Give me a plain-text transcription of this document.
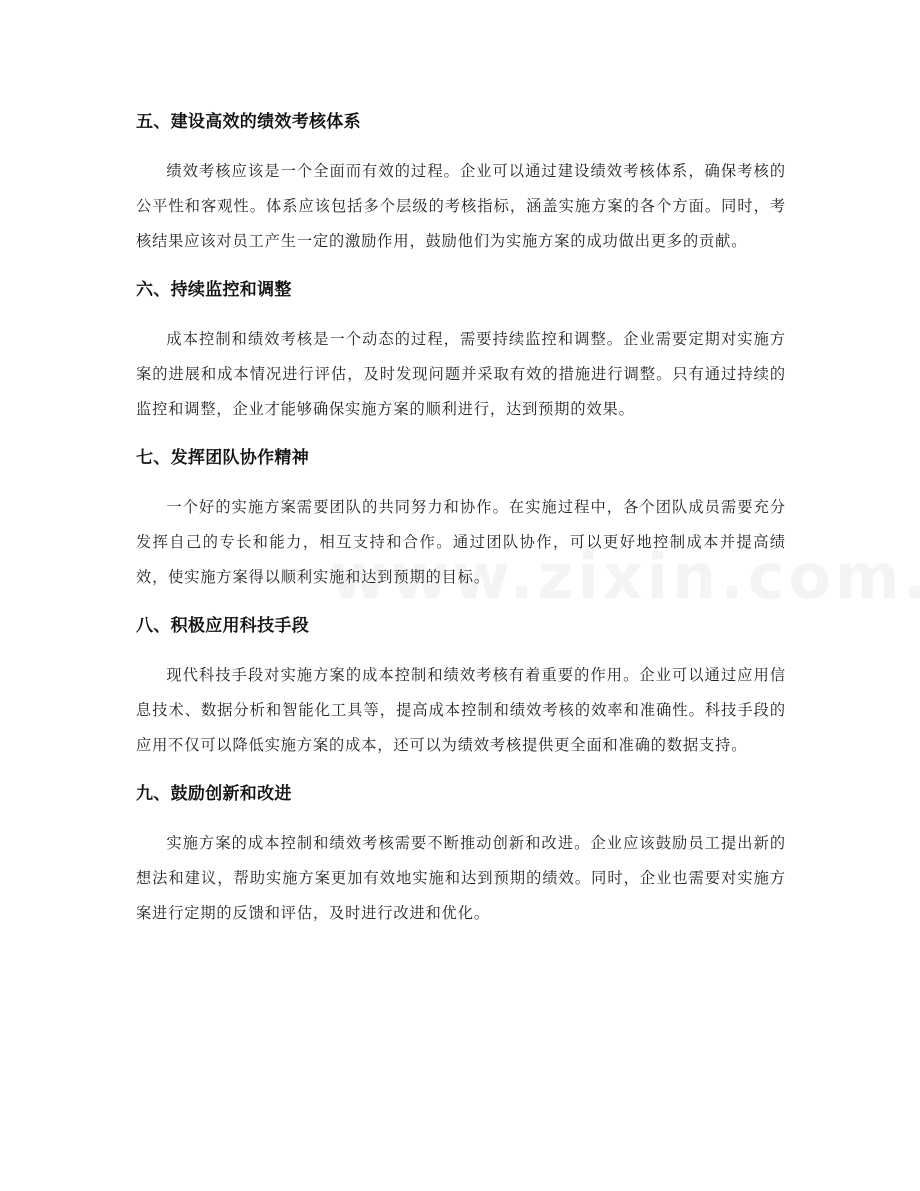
五、建设高效的绩效考核体系

绩效考核应该是一个全面而有效的过程。企业可以通过建设绩效考核体系，确保考核的公平性和客观性。体系应该包括多个层级的考核指标，涵盖实施方案的各个方面。同时，考核结果应该对员工产生一定的激励作用，鼓励他们为实施方案的成功做出更多的贡献。

六、持续监控和调整

成本控制和绩效考核是一个动态的过程，需要持续监控和调整。企业需要定期对实施方案的进展和成本情况进行评估，及时发现问题并采取有效的措施进行调整。只有通过持续的监控和调整，企业才能够确保实施方案的顺利进行，达到预期的效果。

七、发挥团队协作精神

一个好的实施方案需要团队的共同努力和协作。在实施过程中，各个团队成员需要充分发挥自己的专长和能力，相互支持和合作。通过团队协作，可以更好地控制成本并提高绩效，使实施方案得以顺利实施和达到预期的目标。

八、积极应用科技手段

现代科技手段对实施方案的成本控制和绩效考核有着重要的作用。企业可以通过应用信息技术、数据分析和智能化工具等，提高成本控制和绩效考核的效率和准确性。科技手段的应用不仅可以降低实施方案的成本，还可以为绩效考核提供更全面和准确的数据支持。

九、鼓励创新和改进

实施方案的成本控制和绩效考核需要不断推动创新和改进。企业应该鼓励员工提出新的想法和建议，帮助实施方案更加有效地实施和达到预期的绩效。同时，企业也需要对实施方案进行定期的反馈和评估，及时进行改进和优化。
